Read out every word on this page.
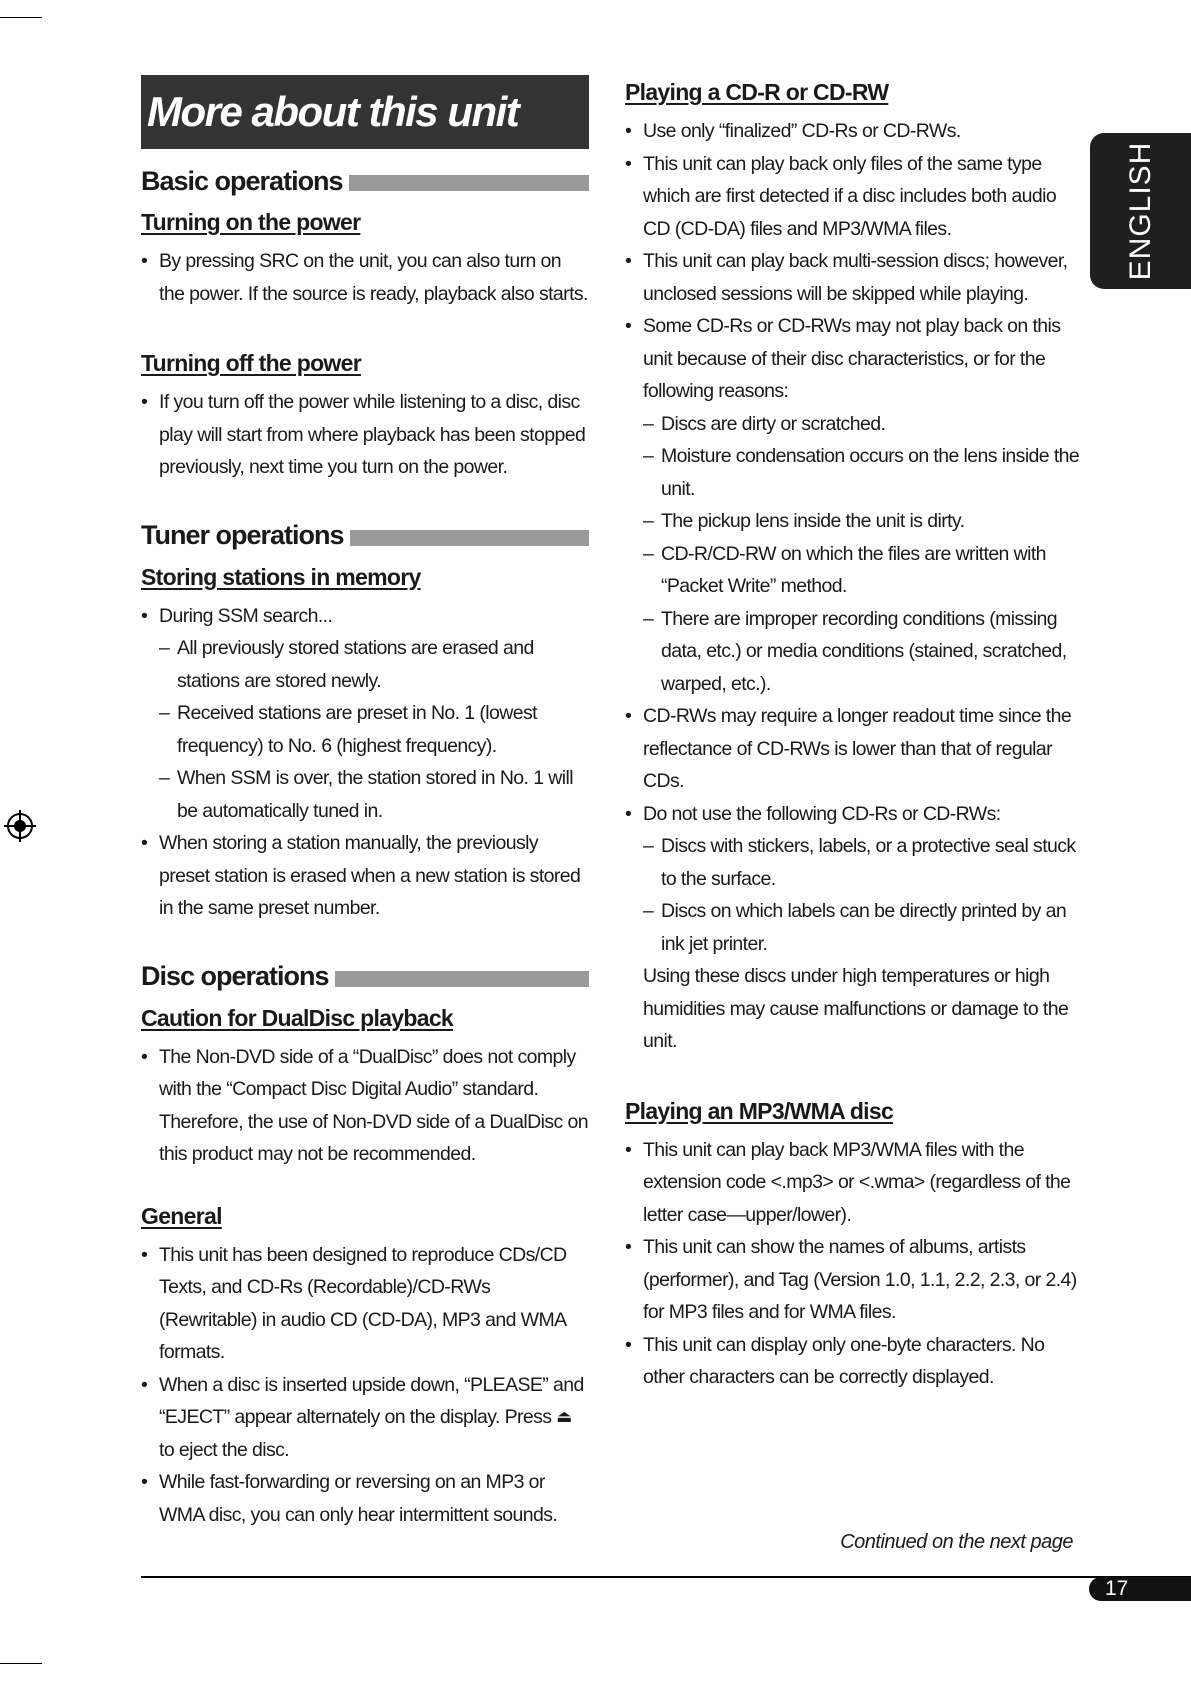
ENGLISH
More about this unit
Basic operations
Turning on the power
• By pressing SRC on the unit, you can also turn on the power. If the source is ready, playback also starts.
Turning off the power
• If you turn off the power while listening to a disc, disc play will start from where playback has been stopped previously, next time you turn on the power.
Tuner operations
Storing stations in memory
• During SSM search...
– All previously stored stations are erased and stations are stored newly.
– Received stations are preset in No. 1 (lowest frequency) to No. 6 (highest frequency).
– When SSM is over, the station stored in No. 1 will be automatically tuned in.
• When storing a station manually, the previously preset station is erased when a new station is stored in the same preset number.
Disc operations
Caution for DualDisc playback
• The Non-DVD side of a “DualDisc” does not comply with the “Compact Disc Digital Audio” standard. Therefore, the use of Non-DVD side of a DualDisc on this product may not be recommended.
General
• This unit has been designed to reproduce CDs/CD Texts, and CD-Rs (Recordable)/CD-RWs (Rewritable) in audio CD (CD-DA), MP3 and WMA formats.
• When a disc is inserted upside down, “PLEASE” and “EJECT” appear alternately on the display. Press ⏏ to eject the disc.
• While fast-forwarding or reversing on an MP3 or WMA disc, you can only hear intermittent sounds.
Playing a CD-R or CD-RW
• Use only “finalized” CD-Rs or CD-RWs.
• This unit can play back only files of the same type which are first detected if a disc includes both audio CD (CD-DA) files and MP3/WMA files.
• This unit can play back multi-session discs; however, unclosed sessions will be skipped while playing.
• Some CD-Rs or CD-RWs may not play back on this unit because of their disc characteristics, or for the following reasons:
– Discs are dirty or scratched.
– Moisture condensation occurs on the lens inside the unit.
– The pickup lens inside the unit is dirty.
– CD-R/CD-RW on which the files are written with “Packet Write” method.
– There are improper recording conditions (missing data, etc.) or media conditions (stained, scratched, warped, etc.).
• CD-RWs may require a longer readout time since the reflectance of CD-RWs is lower than that of regular CDs.
• Do not use the following CD-Rs or CD-RWs:
– Discs with stickers, labels, or a protective seal stuck to the surface.
– Discs on which labels can be directly printed by an ink jet printer.
Using these discs under high temperatures or high humidities may cause malfunctions or damage to the unit.
Playing an MP3/WMA disc
• This unit can play back MP3/WMA files with the extension code <.mp3> or <.wma> (regardless of the letter case—upper/lower).
• This unit can show the names of albums, artists (performer), and Tag (Version 1.0, 1.1, 2.2, 2.3, or 2.4) for MP3 files and for WMA files.
• This unit can display only one-byte characters. No other characters can be correctly displayed.
Continued on the next page
17
